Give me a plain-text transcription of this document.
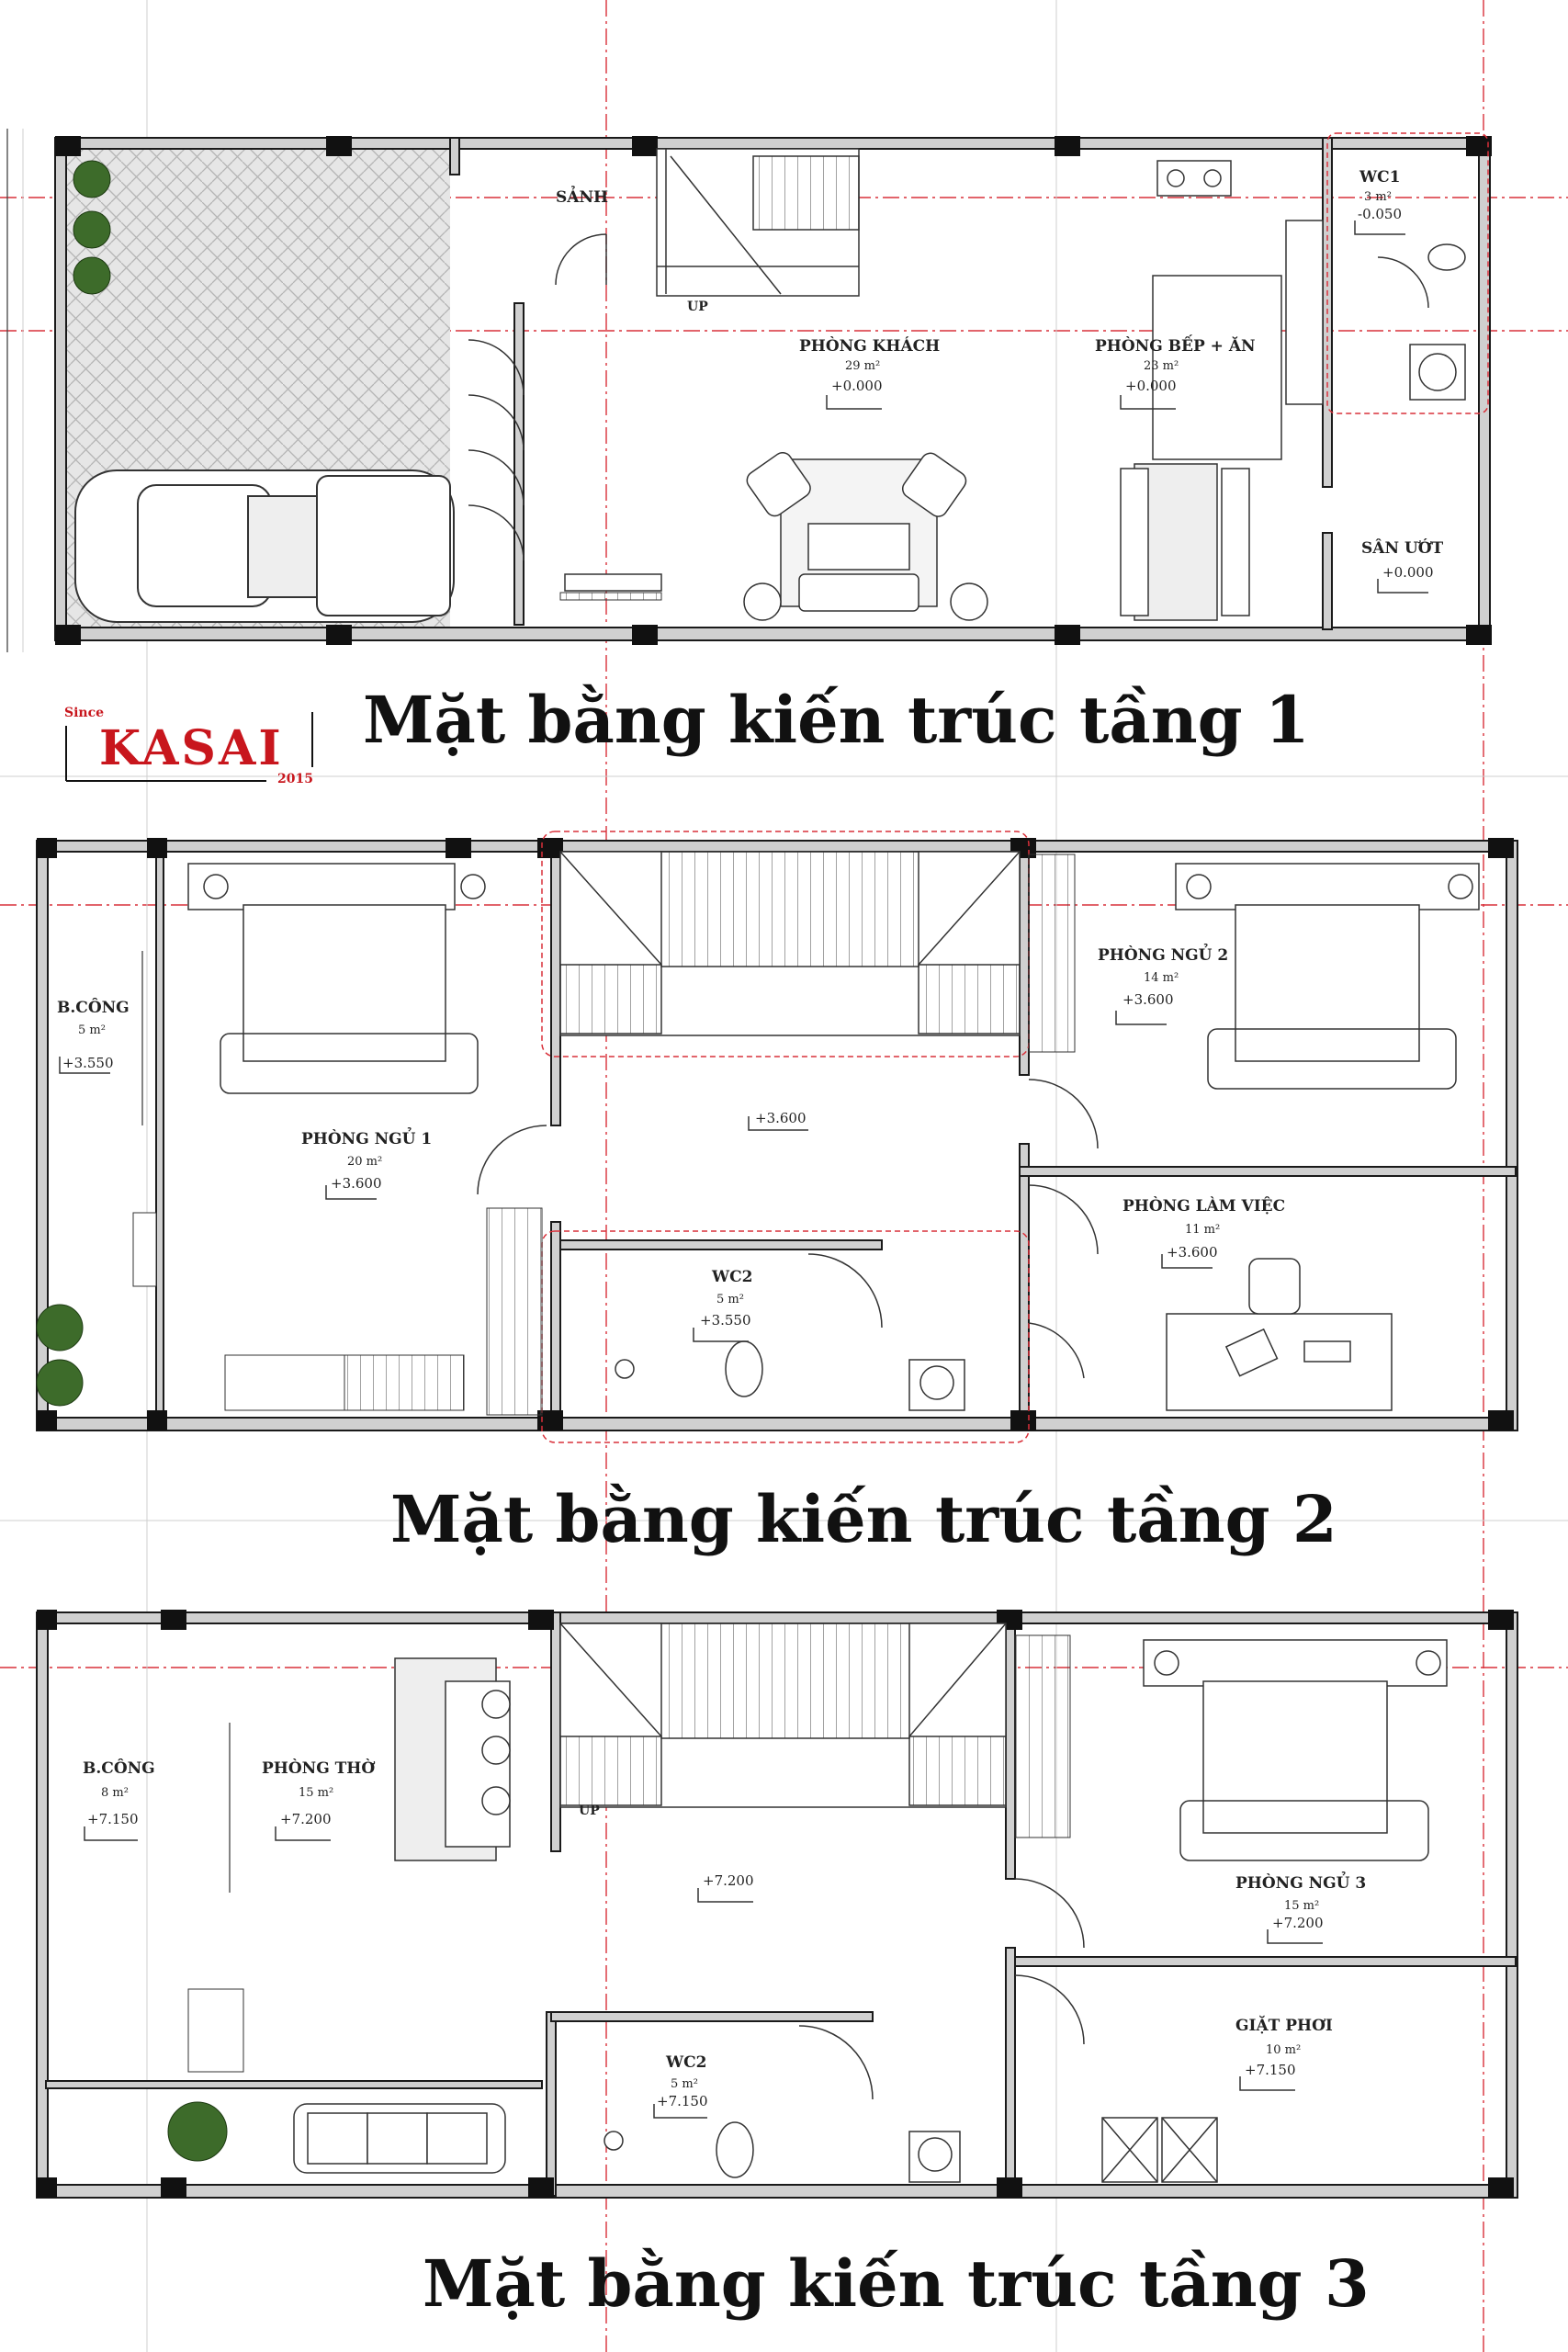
SẢNH
UP
PHÒNG KHÁCH
29 m²
+0.000
PHÒNG BẾP + ĂN
23 m²
+0.000
WC1
3 m²
-0.050
SÂN ƯỚT
+0.000
Since
KASAI
2015
Mặt bằng kiến trúc tầng 1
B.CÔNG
5 m²
+3.550
PHÒNG NGỦ 1
20 m²
+3.600
PHÒNG NGỦ 2
14 m²
+3.600
+3.600
PHÒNG LÀM VIỆC
11 m²
+3.600
WC2
5 m²
+3.550
Mặt bằng kiến trúc tầng 2
UP
B.CÔNG
8 m²
+7.150
PHÒNG THỜ
15 m²
+7.200
+7.200	PHÒNG NGỦ 3
15 m²
+7.200
GIẶT PHƠI
10 m²
+7.150
WC2
5 m²
+7.150
Mặt bằng kiến trúc tầng 3
